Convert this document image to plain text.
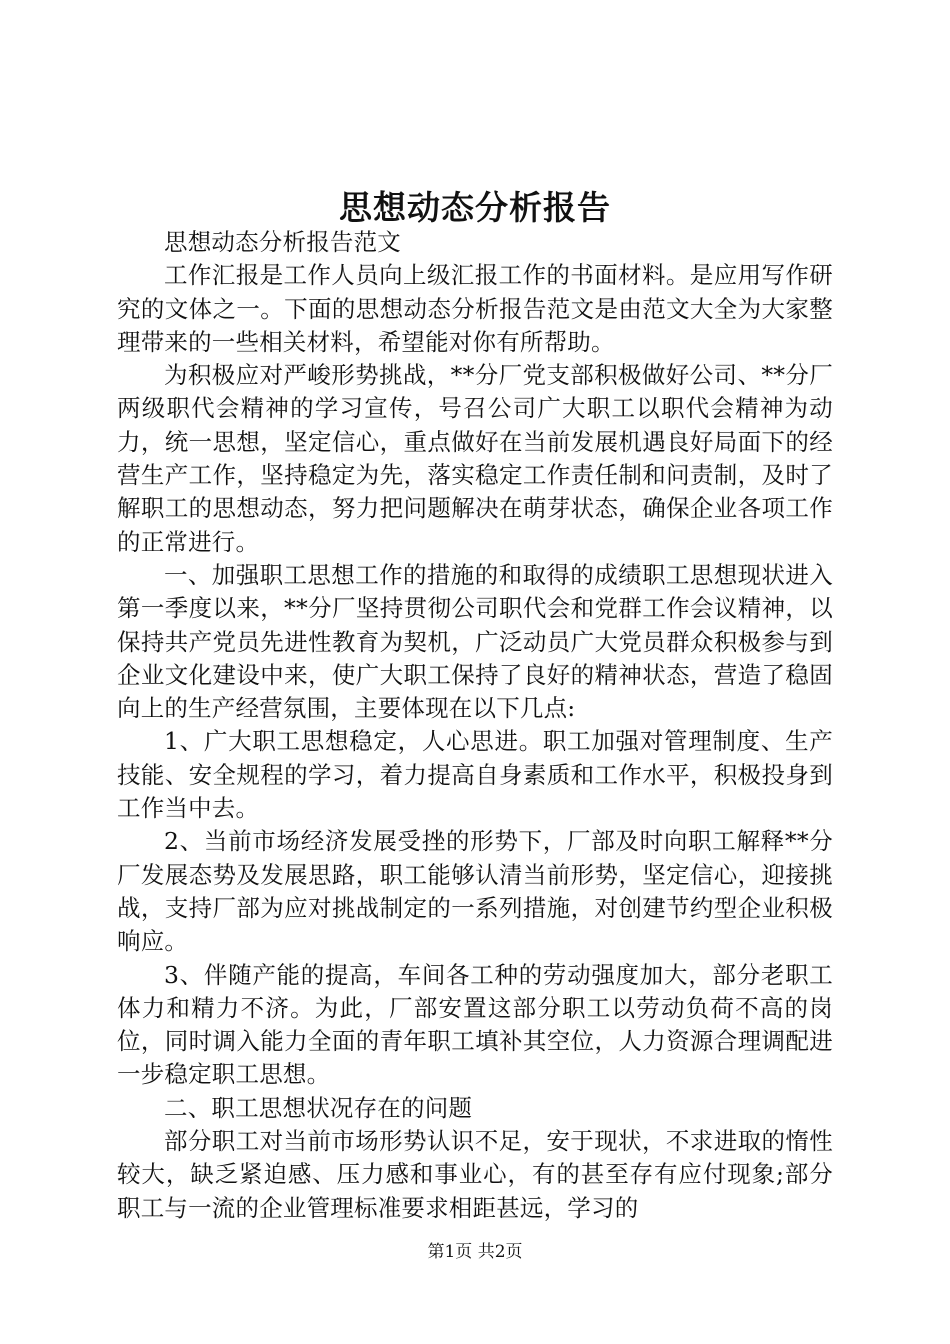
思想动态分析报告

思想动态分析报告范文

工作汇报是工作人员向上级汇报工作的书面材料。是应用写作研究的文体之一。下面的思想动态分析报告范文是由范文大全为大家整理带来的一些相关材料，希望能对你有所帮助。

为积极应对严峻形势挑战，**分厂党支部积极做好公司、**分厂两级职代会精神的学习宣传，号召公司广大职工以职代会精神为动力，统一思想，坚定信心，重点做好在当前发展机遇良好局面下的经营生产工作，坚持稳定为先，落实稳定工作责任制和问责制，及时了解职工的思想动态，努力把问题解决在萌芽状态，确保企业各项工作的正常进行。

一、加强职工思想工作的措施的和取得的成绩职工思想现状进入第一季度以来，**分厂坚持贯彻公司职代会和党群工作会议精神，以保持共产党员先进性教育为契机，广泛动员广大党员群众积极参与到企业文化建设中来，使广大职工保持了良好的精神状态，营造了稳固向上的生产经营氛围，主要体现在以下几点:

1、广大职工思想稳定，人心思进。职工加强对管理制度、生产技能、安全规程的学习，着力提高自身素质和工作水平，积极投身到工作当中去。

2、当前市场经济发展受挫的形势下，厂部及时向职工解释**分厂发展态势及发展思路，职工能够认清当前形势，坚定信心，迎接挑战，支持厂部为应对挑战制定的一系列措施，对创建节约型企业积极响应。

3、伴随产能的提高，车间各工种的劳动强度加大，部分老职工体力和精力不济。为此，厂部安置这部分职工以劳动负荷不高的岗位，同时调入能力全面的青年职工填补其空位，人力资源合理调配进一步稳定职工思想。

二、职工思想状况存在的问题

部分职工对当前市场形势认识不足，安于现状，不求进取的惰性较大，缺乏紧迫感、压力感和事业心，有的甚至存有应付现象;部分职工与一流的企业管理标准要求相距甚远，学习的

第1页 共2页
